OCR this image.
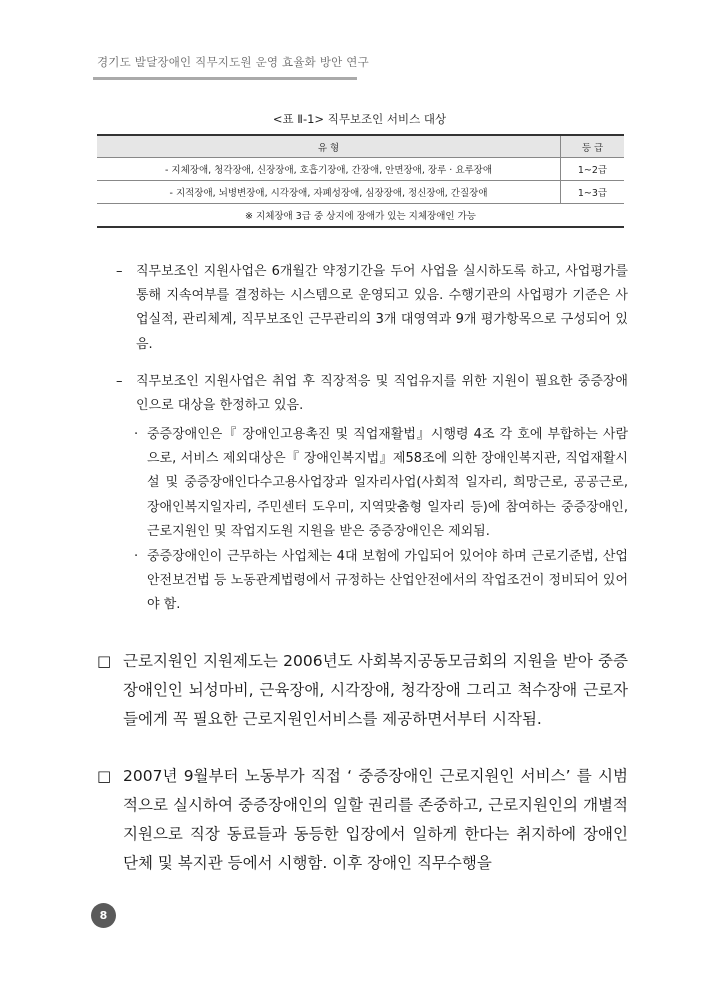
경기도 발달장애인 직무지도원 운영 효율화 방안 연구
<표 Ⅱ-1> 직무보조인 서비스 대상
유 형	등 급
- 지체장애, 청각장애, 신장장애, 호흡기장애, 간장애, 안면장애, 장루 · 요루장애	1~2급
- 지적장애, 뇌병변장애, 시각장애, 자폐성장애, 심장장애, 정신장애, 간질장애	1~3급
※ 지체장애 3급 중 상지에 장애가 있는 지체장애인 가능	
–	직무보조인 지원사업은 6개월간 약정기간을 두어 사업을 실시하도록 하고, 사업평가를 통해 지속여부를 결정하는 시스템으로 운영되고 있음. 수행기관의 사업평가 기준은 사업실적, 관리체계, 직무보조인 근무관리의 3개 대영역과 9개 평가항목으로 구성되어 있음.
–	직무보조인 지원사업은 취업 후 직장적응 및 직업유지를 위한 지원이 필요한 중증장애인으로 대상을 한정하고 있음.
· 중증장애인은『 장애인고용촉진 및 직업재활법』시행령 4조 각 호에 부합하는 사람으로, 서비스 제외대상은『 장애인복지법』제58조에 의한 장애인복지관, 직업재활시설 및 중증장애인다수고용사업장과 일자리사업(사회적 일자리, 희망근로, 공공근로, 장애인복지일자리, 주민센터 도우미, 지역맞춤형 일자리 등)에 참여하는 중증장애인, 근로지원인 및 작업지도원 지원을 받은 중증장애인은 제외됨.
· 중증장애인이 근무하는 사업체는 4대 보험에 가입되어 있어야 하며 근로기준법, 산업안전보건법 등 노동관계법령에서 규정하는 산업안전에서의 작업조건이 정비되어 있어야 함.
□ 근로지원인 지원제도는 2006년도 사회복지공동모금회의 지원을 받아 중증장애인인 뇌성마비, 근육장애, 시각장애, 청각장애 그리고 척수장애 근로자들에게 꼭 필요한 근로지원인서비스를 제공하면서부터 시작됨.
□ 2007년 9월부터 노동부가 직접 ‘ 중증장애인 근로지원인 서비스’ 를 시범적으로 실시하여 중증장애인의 일할 권리를 존중하고, 근로지원인의 개별적 지원으로 직장 동료들과 동등한 입장에서 일하게 한다는 취지하에 장애인 단체 및 복지관 등에서 시행함. 이후 장애인 직무수행을
8
